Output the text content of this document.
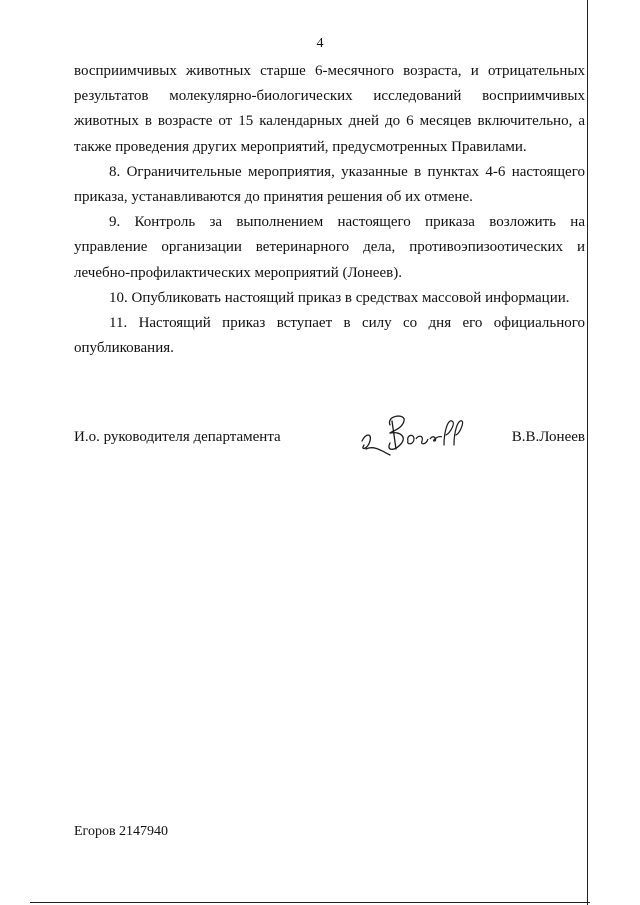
4

восприимчивых животных старше 6-месячного возраста, и отрицательных результатов молекулярно-биологических исследований восприимчивых животных в возрасте от 15 календарных дней до 6 месяцев включительно, а также проведения других мероприятий, предусмотренных Правилами.

8. Ограничительные мероприятия, указанные в пунктах 4-6 настоящего приказа, устанавливаются до принятия решения об их отмене.

9. Контроль за выполнением настоящего приказа возложить на управление организации ветеринарного дела, противоэпизоотических и лечебно-профилактических мероприятий (Лонеев).

10. Опубликовать настоящий приказ в средствах массовой информации.

11. Настоящий приказ вступает в силу со дня его официального опубликования.

И.о. руководителя департамента	В.В.Лонеев
Егоров 2147940
